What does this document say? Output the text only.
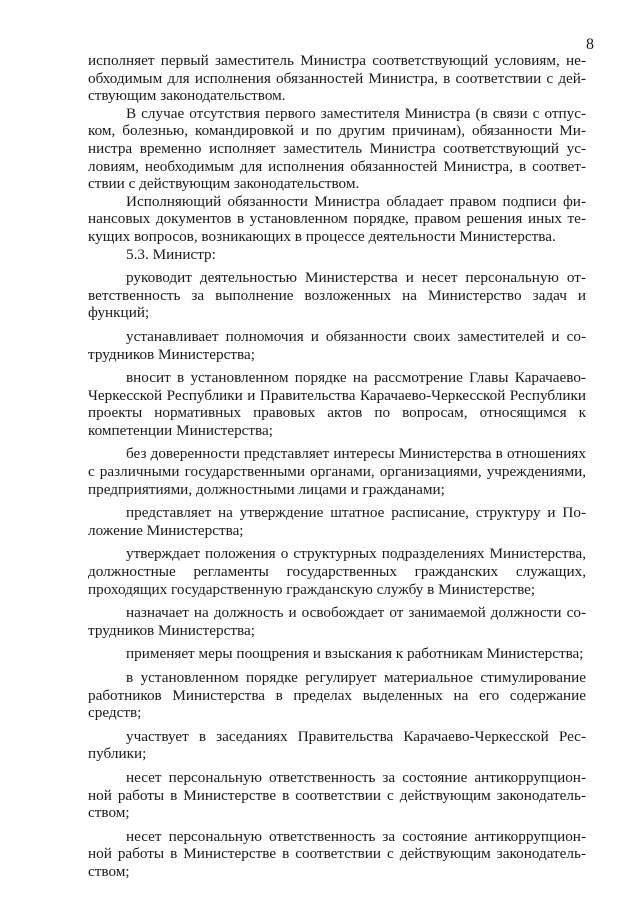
8

исполняет первый заместитель Министра соответствующий условиям, необходимым для исполнения обязанностей Министра, в соответствии с действующим законодательством.

В случае отсутствия первого заместителя Министра (в связи с отпуском, болезнью, командировкой и по другим причинам), обязанности Министра временно исполняет заместитель Министра соответствующий условиям, необходимым для исполнения обязанностей Министра, в соответствии с действующим законодательством.

Исполняющий обязанности Министра обладает правом подписи финансовых документов в установленном порядке, правом решения иных текущих вопросов, возникающих в процессе деятельности Министерства.

5.3. Министр:

руководит деятельностью Министерства и несет персональную ответственность за выполнение возложенных на Министерство задач и функций;

устанавливает полномочия и обязанности своих заместителей и сотрудников Министерства;

вносит в установленном порядке на рассмотрение Главы Карачаево-Черкесской Республики и Правительства Карачаево-Черкесской Республики проекты нормативных правовых актов по вопросам, относящимся к компетенции Министерства;

без доверенности представляет интересы Министерства в отношениях с различными государственными органами, организациями, учреждениями, предприятиями, должностными лицами и гражданами;

представляет на утверждение штатное расписание, структуру и Положение Министерства;

утверждает положения о структурных подразделениях Министерства, должностные регламенты государственных гражданских служащих, проходящих государственную гражданскую службу в Министерстве;

назначает на должность и освобождает от занимаемой должности сотрудников Министерства;

применяет меры поощрения и взыскания к работникам Министерства;

в установленном порядке регулирует материальное стимулирование работников Министерства в пределах выделенных на его содержание средств;

участвует в заседаниях Правительства Карачаево-Черкесской Республики;

несет персональную ответственность за состояние антикоррупционной работы в Министерстве в соответствии с действующим законодательством;

несет персональную ответственность за состояние антикоррупционной работы в Министерстве в соответствии с действующим законодательством;
